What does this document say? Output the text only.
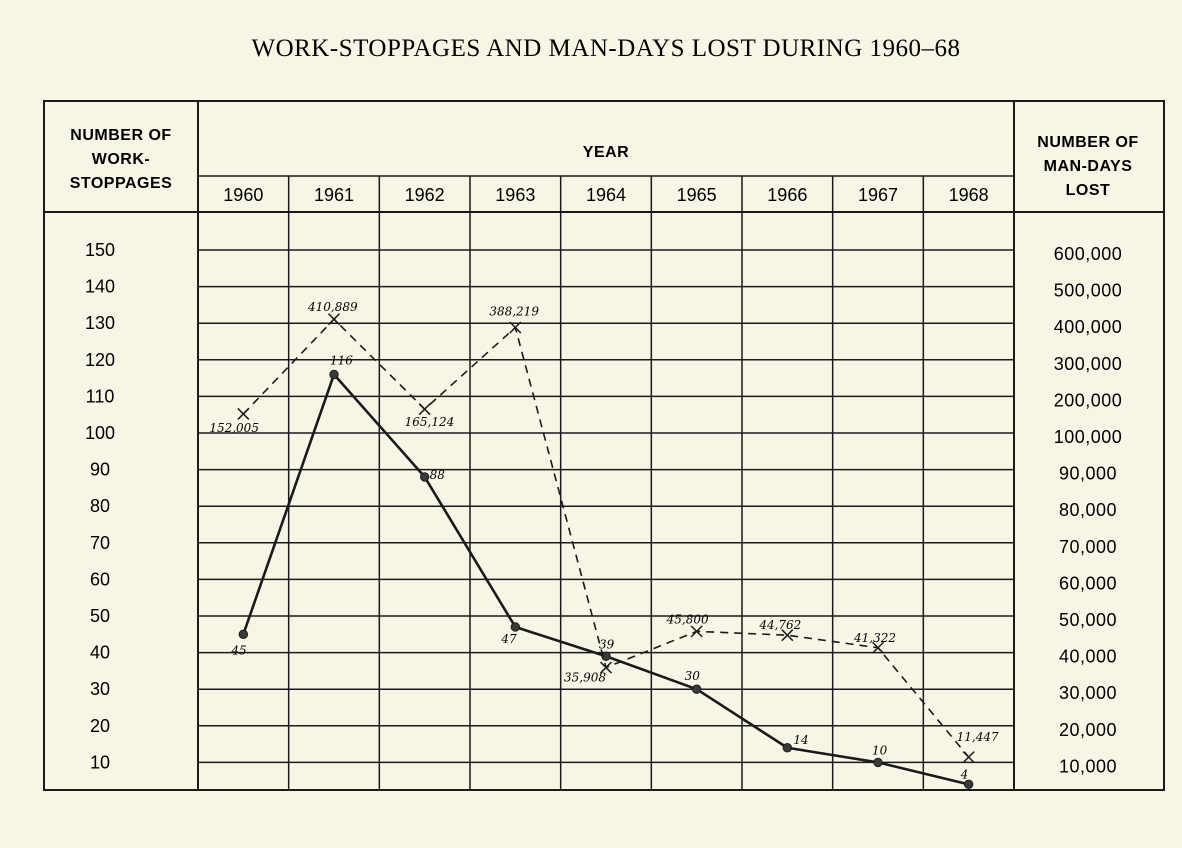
WORK-STOPPAGES AND MAN-DAYS LOST DURING 1960–68
NUMBER OF
WORK-
STOPPAGES
NUMBER OF
MAN-DAYS
LOST
YEAR
1960	1961	1962	1963	1964	1965	1966	1967	1968
150
140
130
120
110
100
90
80
70
60
50
40
30
20
10
600,000
500,000
400,000
300,000
200,000
100,000
90,000
80,000
70,000
60,000
50,000
40,000
30,000
20,000
10,000
45
116
88
47	39
30
14
10
4
152,005
410,889
165,124
388,219
35,908
45,800	44,762
41,322
11,447
